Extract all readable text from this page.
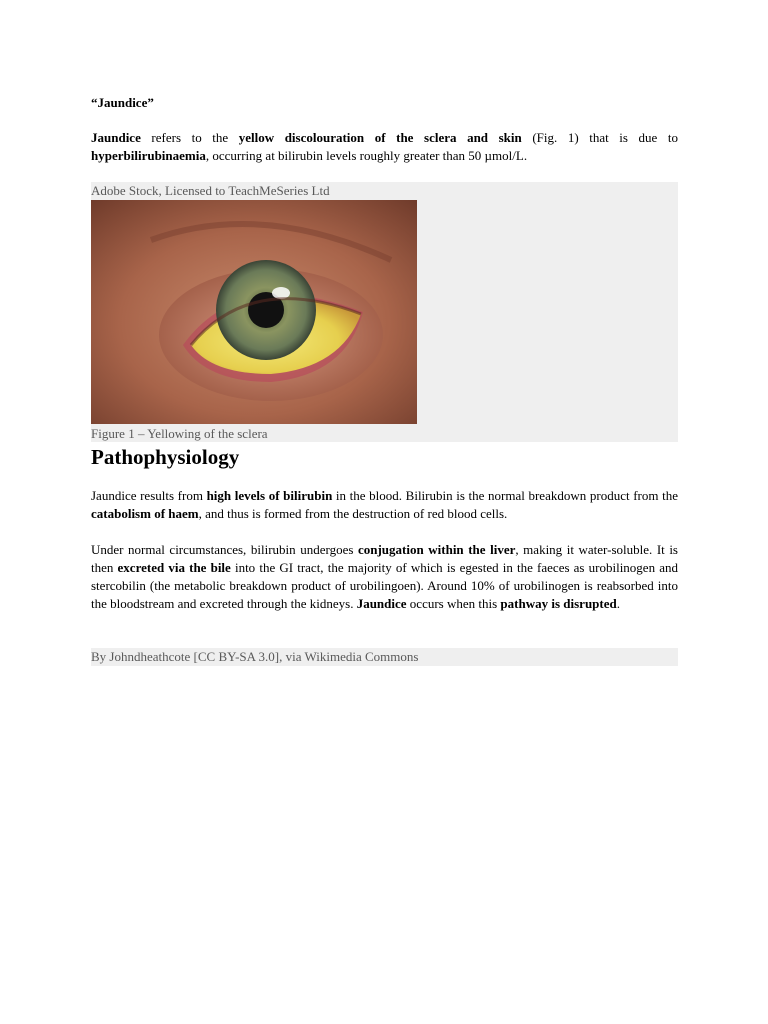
“Jaundice”

Jaundice refers to the yellow discolouration of the sclera and skin (Fig. 1) that is due to hyperbilirubinaemia, occurring at bilirubin levels roughly greater than 50 µmol/L.

Adobe Stock, Licensed to TeachMeSeries Ltd
Figure 1 – Yellowing of the sclera
Pathophysiology

Jaundice results from high levels of bilirubin in the blood. Bilirubin is the normal breakdown product from the catabolism of haem, and thus is formed from the destruction of red blood cells.

Under normal circumstances, bilirubin undergoes conjugation within the liver, making it water-soluble. It is then excreted via the bile into the GI tract, the majority of which is egested in the faeces as urobilinogen and stercobilin (the metabolic breakdown product of urobilingoen). Around 10% of urobilinogen is reabsorbed into the bloodstream and excreted through the kidneys. Jaundice occurs when this pathway is disrupted.

By Johndheathcote [CC BY-SA 3.0], via Wikimedia Commons
